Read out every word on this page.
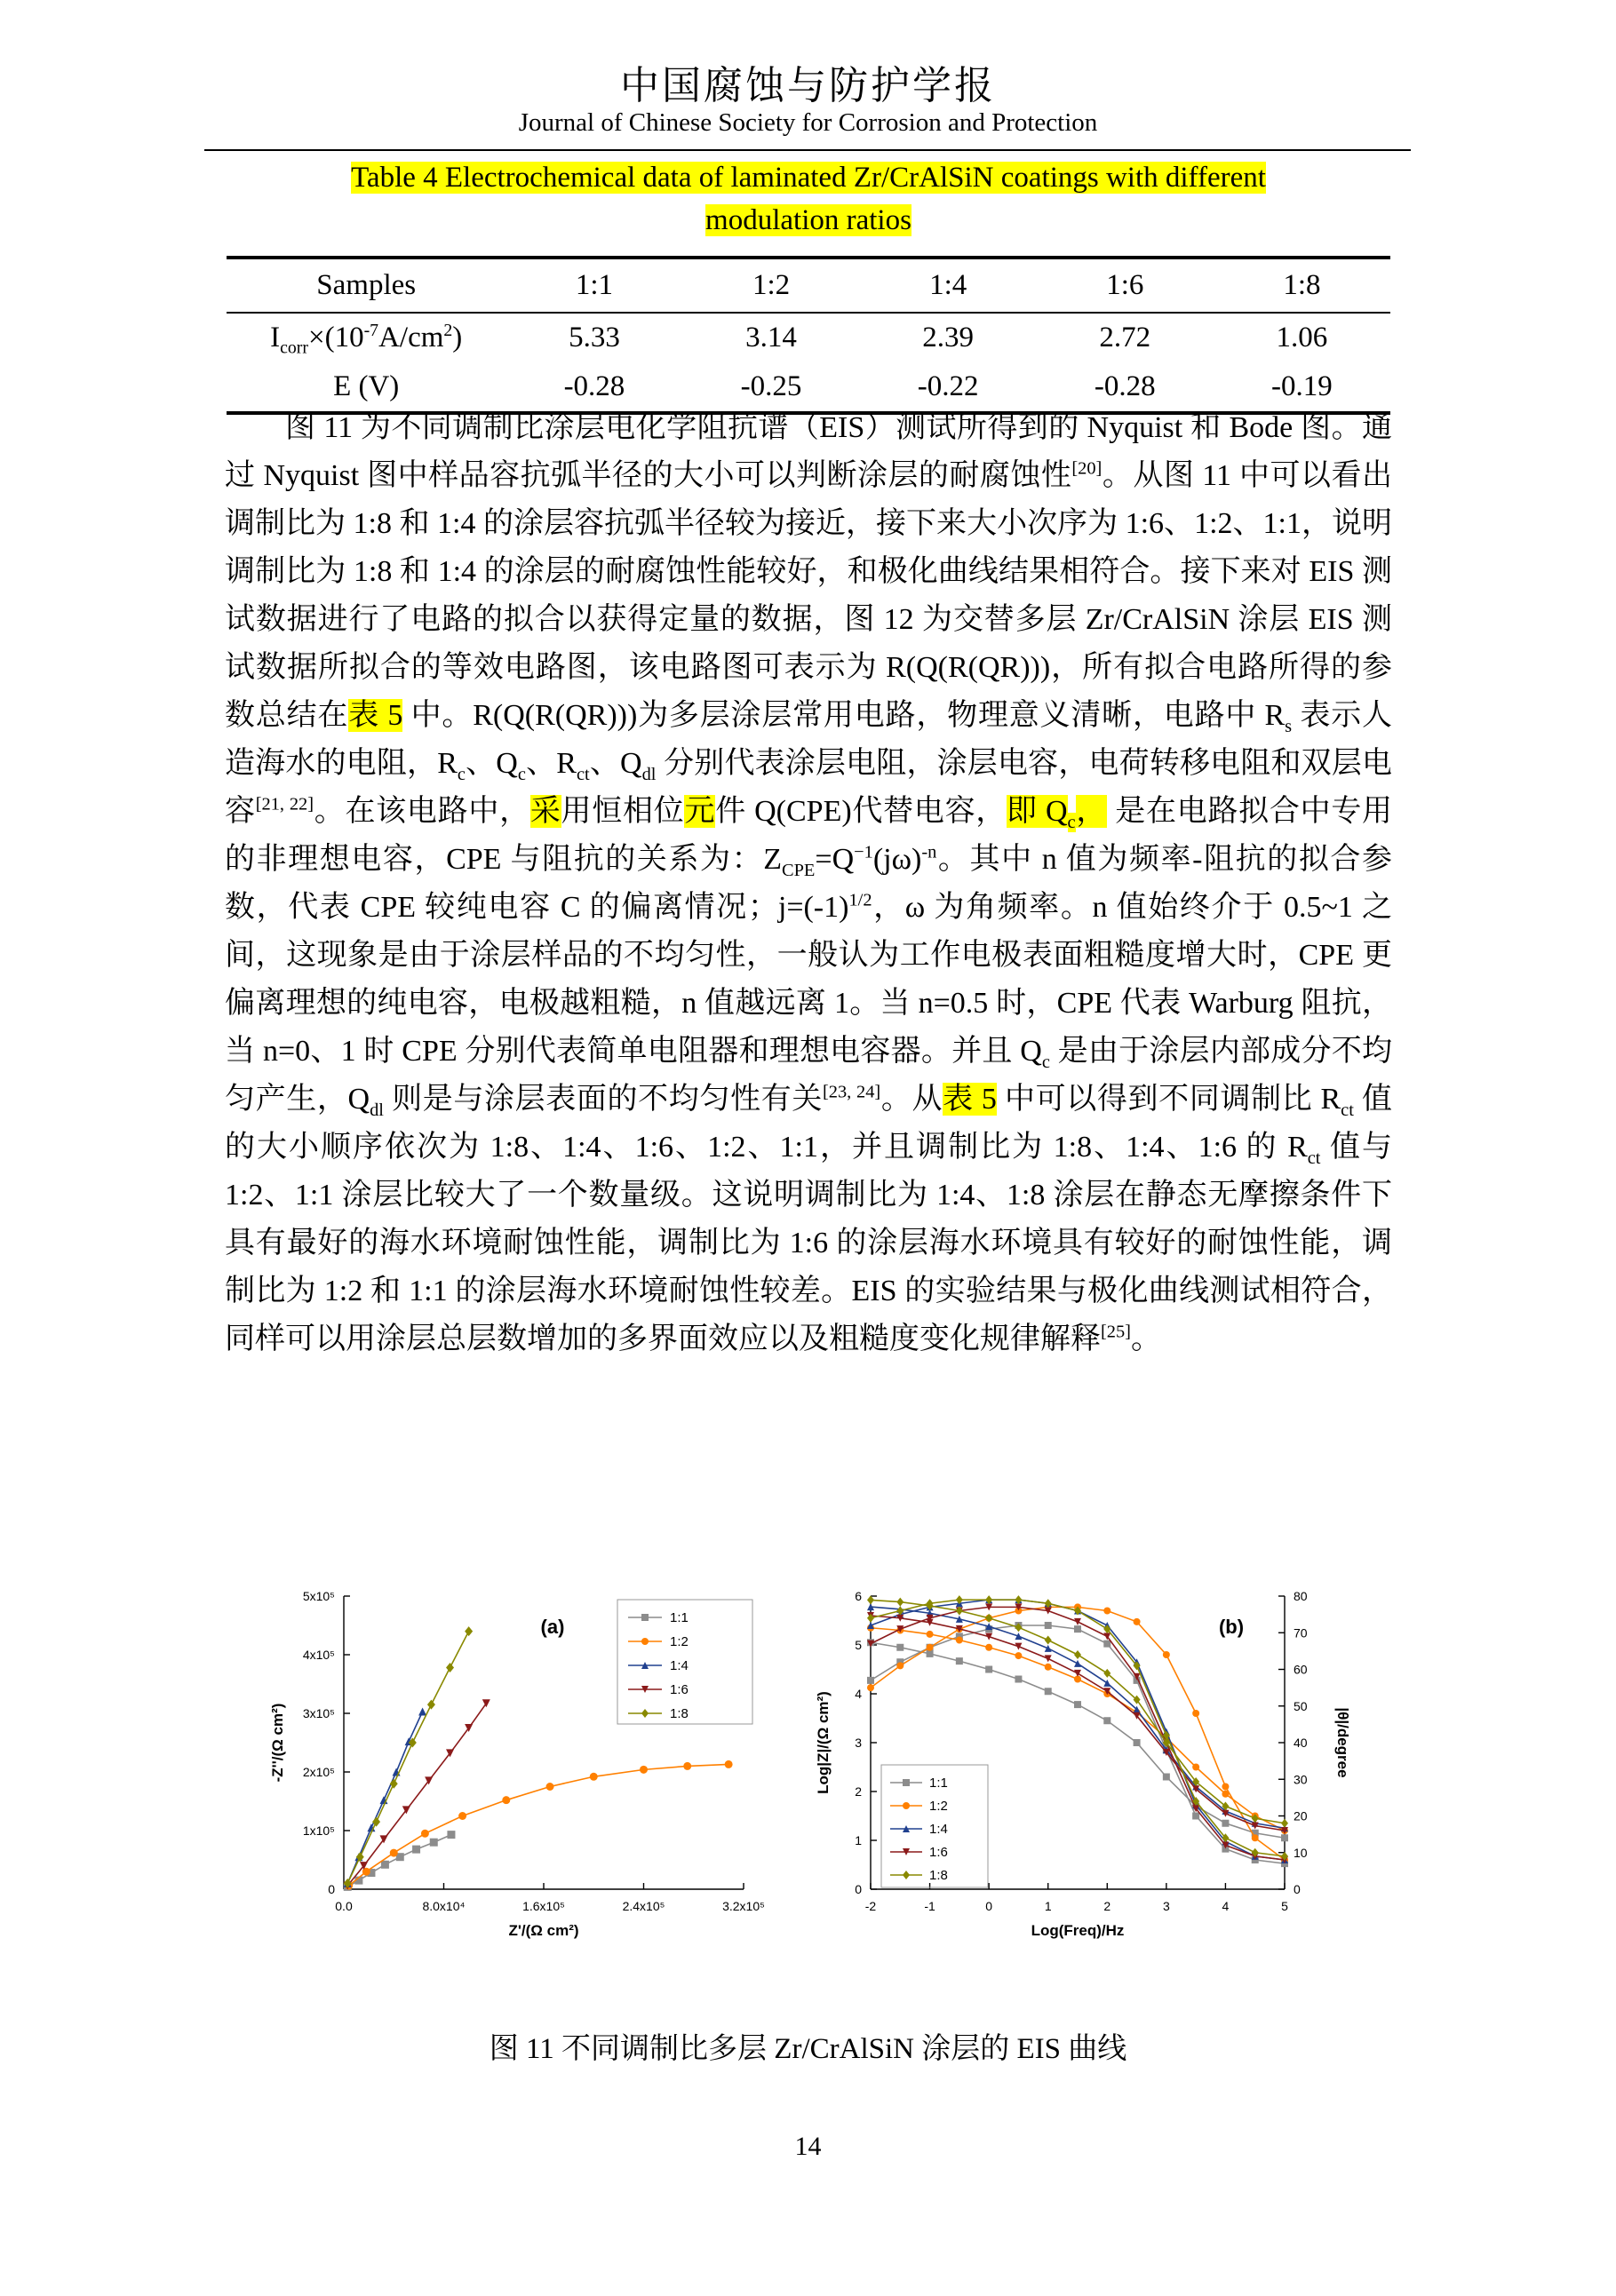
中国腐蚀与防护学报
Journal of Chinese Society for Corrosion and Protection
Table 4 Electrochemical data of laminated Zr/CrAlSiN coatings with different
modulation ratios
Samples	1:1	1:2	1:4	1:6	1:8
$I_{corr}\times(10^{-7}A/cm^2)$	5.33	3.14	2.39	2.72	1.06
E (V)	-0.28	-0.25	-0.22	-0.28	-0.19
图 11 为不同调制比涂层电化学阻抗谱（EIS）测试所得到的 Nyquist 和 Bode 图。通过 Nyquist 图中样品容抗弧半径的大小可以判断涂层的耐腐蚀性[20]。从图 11 中可以看出调制比为 1:8 和 1:4 的涂层容抗弧半径较为接近，接下来大小次序为 1:6、1:2、1:1，说明调制比为 1:8 和 1:4 的涂层的耐腐蚀性能较好，和极化曲线结果相符合。接下来对 EIS 测试数据进行了电路的拟合以获得定量的数据，图 12 为交替多层 Zr/CrAlSiN 涂层 EIS 测试数据所拟合的等效电路图，该电路图可表示为 R(Q(R(QR)))，所有拟合电路所得的参数总结在表 5 中。R(Q(R(QR)))为多层涂层常用电路，物理意义清晰，电路中 $R_s$ 表示人造海水的电阻，$R_c$、$Q_c$、$R_{ct}$、$Q_{dl}$ 分别代表涂层电阻，涂层电容，电荷转移电阻和双层电容[21, 22]。在该电路中，采用恒相位元件 Q(CPE)代替电容，即 $Q_c$， 是在电路拟合中专用的非理想电容，CPE 与阻抗的关系为：$Z_{CPE}=Q^{-1}(j\omega)^{-n}$。其中 n 值为频率-阻抗的拟合参数，代表 CPE 较纯电容 C 的偏离情况；$j=(-1)^{1/2}$，ω 为角频率。n 值始终介于 0.5~1 之间，这现象是由于涂层样品的不均匀性，一般认为工作电极表面粗糙度增大时，CPE 更偏离理想的纯电容，电极越粗糙，n 值越远离 1。当 n=0.5 时，CPE 代表 Warburg 阻抗，当 n=0、1 时 CPE 分别代表简单电阻器和理想电容器。并且 $Q_c$ 是由于涂层内部成分不均匀产生，$Q_{dl}$ 则是与涂层表面的不均匀性有关[23, 24]。从表 5 中可以得到不同调制比 $R_{ct}$ 值的大小顺序依次为 1:8、1:4、1:6、1:2、1:1，并且调制比为 1:8、1:4、1:6 的 $R_{ct}$ 值与 1:2、1:1 涂层比较大了一个数量级。这说明调制比为 1:4、1:8 涂层在静态无摩擦条件下具有最好的海水环境耐蚀性能，调制比为 1:6 的涂层海水环境具有较好的耐蚀性能，调制比为 1:2 和 1:1 的涂层海水环境耐蚀性较差。EIS 的实验结果与极化曲线测试相符合，同样可以用涂层总层数增加的多界面效应以及粗糙度变化规律解释[25]。
0.0	8.0x10⁴	1.6x10⁵	2.4x10⁵	3.2x10⁵
0
1x10⁵
2x10⁵
3x10⁵
4x10⁵
5x10⁵
Z'/(Ω cm²)
-Z''/(Ω cm²)
(a)	1:1
1:2
1:4
1:6
1:8
-2	-1	0	1	2	3	4	5
0
1
2
3
4
5
6
0
10
20
30
40
50
60
70
80
Log(Freq)/Hz
Log|Z|/(Ω cm²)	|θ|/degree
(b)
1:1
1:2
1:4
1:6
1:8
图 11 不同调制比多层 Zr/CrAlSiN 涂层的 EIS 曲线
14
